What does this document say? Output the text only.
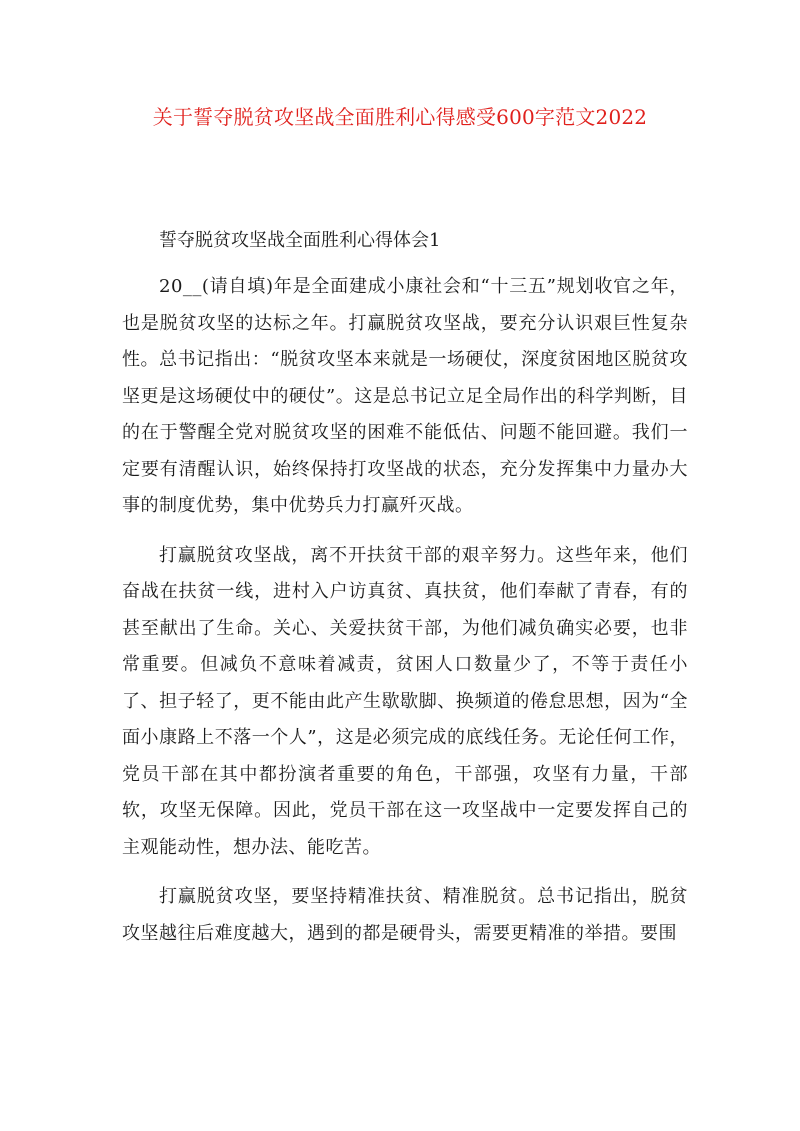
关于誓夺脱贫攻坚战全面胜利心得感受600字范文2022

誓夺脱贫攻坚战全面胜利心得体会1

20__(请自填)年是全面建成小康社会和“十三五”规划收官之年，也是脱贫攻坚的达标之年。打赢脱贫攻坚战，要充分认识艰巨性复杂性。总书记指出：“脱贫攻坚本来就是一场硬仗，深度贫困地区脱贫攻坚更是这场硬仗中的硬仗”。这是总书记立足全局作出的科学判断，目的在于警醒全党对脱贫攻坚的困难不能低估、问题不能回避。我们一定要有清醒认识，始终保持打攻坚战的状态，充分发挥集中力量办大事的制度优势，集中优势兵力打赢歼灭战。

打赢脱贫攻坚战，离不开扶贫干部的艰辛努力。这些年来，他们奋战在扶贫一线，进村入户访真贫、真扶贫，他们奉献了青春，有的甚至献出了生命。关心、关爱扶贫干部，为他们减负确实必要，也非常重要。但减负不意味着减责，贫困人口数量少了，不等于责任小了、担子轻了，更不能由此产生歇歇脚、换频道的倦怠思想，因为“全面小康路上不落一个人”，这是必须完成的底线任务。无论任何工作，党员干部在其中都扮演者重要的角色，干部强，攻坚有力量，干部软，攻坚无保障。因此，党员干部在这一攻坚战中一定要发挥自己的主观能动性，想办法、能吃苦。

打赢脱贫攻坚，要坚持精准扶贫、精准脱贫。总书记指出，脱贫攻坚越往后难度越大，遇到的都是硬骨头，需要更精准的举措。要围
